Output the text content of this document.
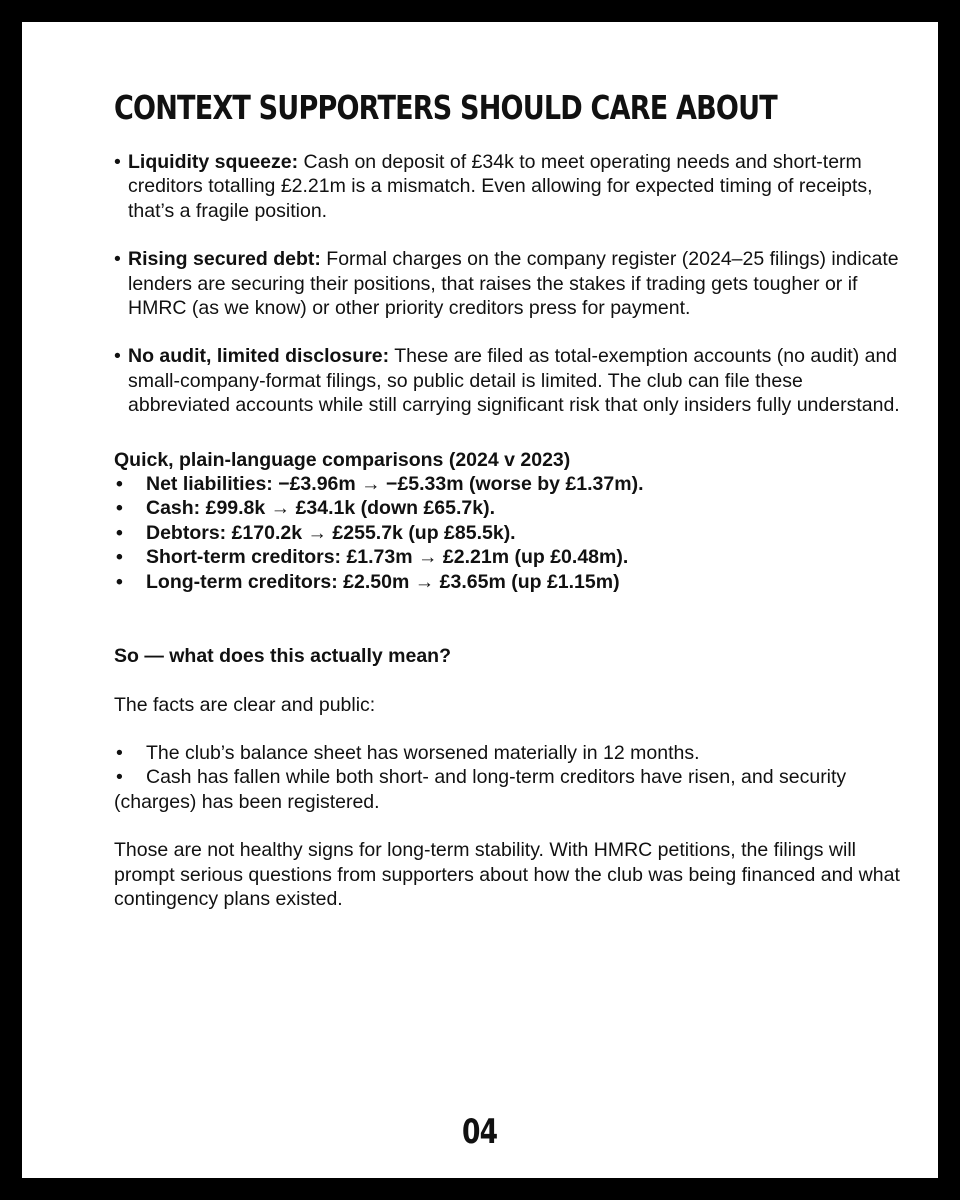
CONTEXT SUPPORTERS SHOULD CARE ABOUT
• Liquidity squeeze: Cash on deposit of £34k to meet operating needs and short-term creditors totalling £2.21m is a mismatch. Even allowing for expected timing of receipts, that’s a fragile position.
• Rising secured debt: Formal charges on the company register (2024–25 filings) indicate lenders are securing their positions, that raises the stakes if trading gets tougher or if HMRC (as we know) or other priority creditors press for payment.
• No audit, limited disclosure: These are filed as total-exemption accounts (no audit) and small-company-format filings, so public detail is limited. The club can file these abbreviated accounts while still carrying significant risk that only insiders fully understand.
Quick, plain-language comparisons (2024 v 2023)
• Net liabilities: −£3.96m → −£5.33m (worse by £1.37m).
• Cash: £99.8k → £34.1k (down £65.7k).
• Debtors: £170.2k → £255.7k (up £85.5k).
• Short-term creditors: £1.73m → £2.21m (up £0.48m).
• Long-term creditors: £2.50m → £3.65m (up £1.15m)
So — what does this actually mean?
The facts are clear and public:
• The club’s balance sheet has worsened materially in 12 months.
•	Cash has fallen while both short- and long-term creditors have risen, and security (charges) has been registered.
Those are not healthy signs for long-term stability. With HMRC petitions, the filings will prompt serious questions from supporters about how the club was being financed and what contingency plans existed.
04
